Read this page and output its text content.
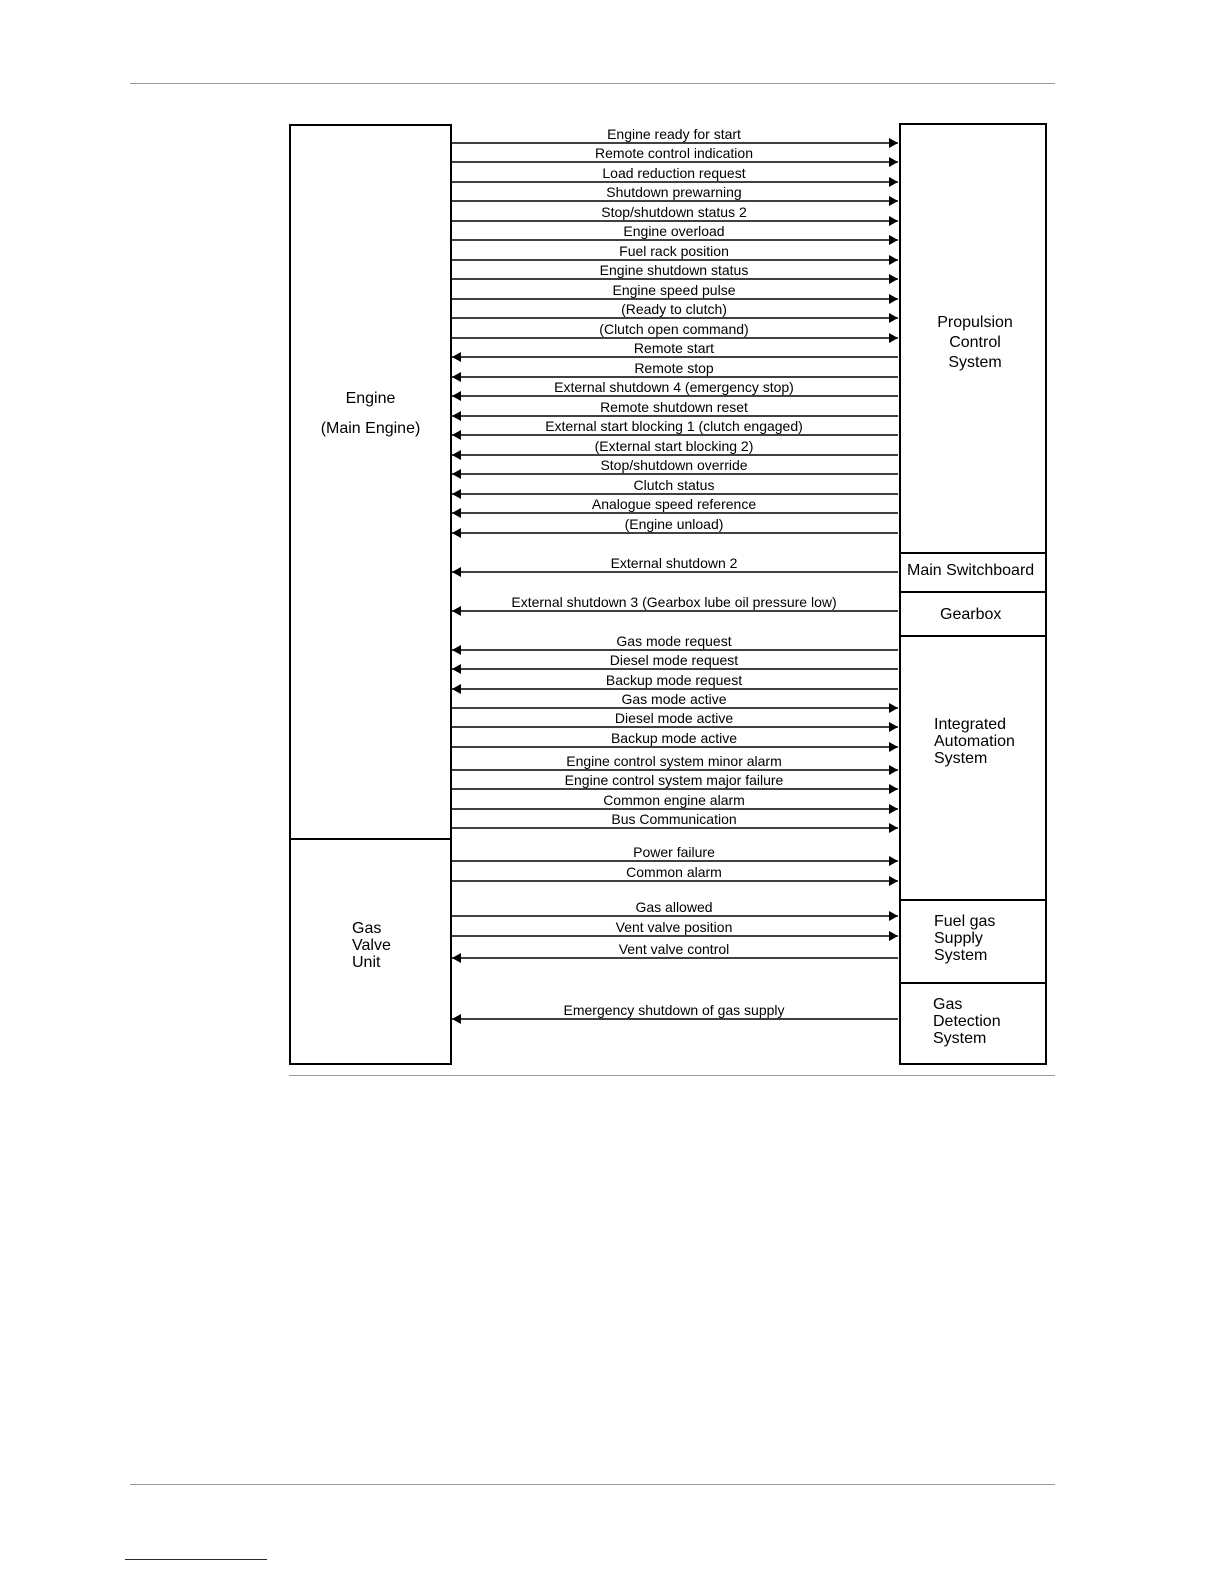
Engine

(Main Engine)
Gas
Valve
Unit
Propulsion
Control
System
Main Switchboard
Gearbox
Integrated
Automation
System
Fuel gas
Supply
System
Gas
Detection
System
Engine ready for start
Remote control indication
Load reduction request
Shutdown prewarning
Stop/shutdown status 2
Engine overload
Fuel rack position
Engine shutdown status
Engine speed pulse
(Ready to clutch)
(Clutch open command)
Remote start
Remote stop
External shutdown 4 (emergency stop)
Remote shutdown reset
External start blocking 1 (clutch engaged)
(External start blocking 2)
Stop/shutdown override
Clutch status
Analogue speed reference
(Engine unload)
External shutdown 2
External shutdown 3 (Gearbox lube oil pressure low)
Gas mode request
Diesel mode request
Backup mode request
Gas mode active
Diesel mode active
Backup mode active
Engine control system minor alarm
Engine control system major failure
Common engine alarm
Bus Communication
Power failure
Common alarm
Gas allowed
Vent valve position
Vent valve control
Emergency shutdown of gas supply
